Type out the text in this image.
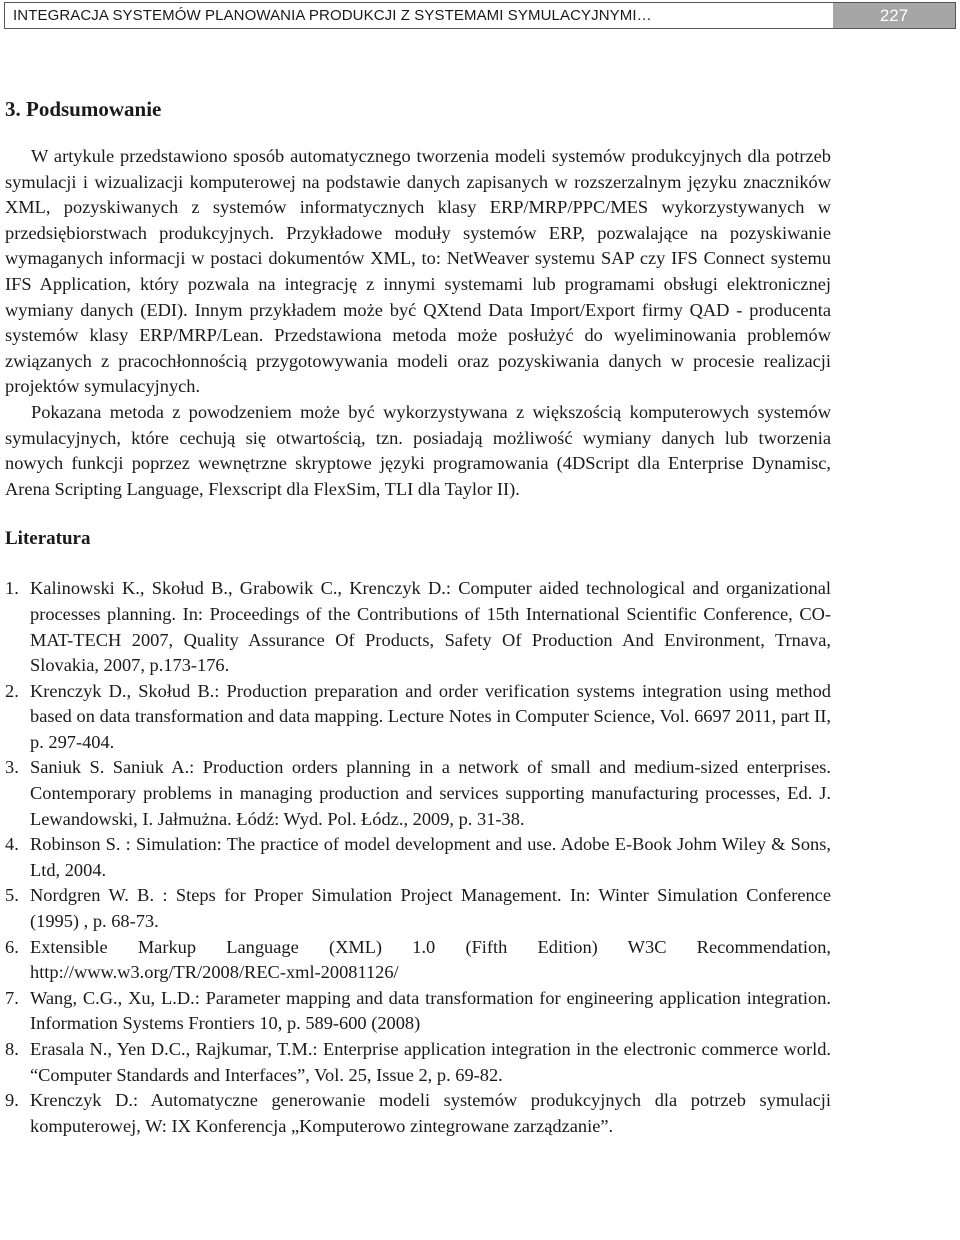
INTEGRACJA SYSTEMÓW PLANOWANIA PRODUKCJI Z SYSTEMAMI SYMULACYJNYMI…	227
3. Podsumowanie

W artykule przedstawiono sposób automatycznego tworzenia modeli systemów produkcyjnych dla potrzeb symulacji i wizualizacji komputerowej na podstawie danych zapisanych w rozszerzalnym języku znaczników XML, pozyskiwanych z systemów informatycznych klasy ERP/MRP/PPC/MES wykorzystywanych w przedsiębiorstwach produkcyjnych. Przykładowe moduły systemów ERP, pozwalające na pozyskiwanie wymaganych informacji w postaci dokumentów XML, to: NetWeaver systemu SAP czy IFS Connect systemu IFS Application, który pozwala na integrację z innymi systemami lub programami obsługi elektronicznej wymiany danych (EDI). Innym przykładem może być QXtend Data Import/Export firmy QAD - producenta systemów klasy ERP/MRP/Lean. Przedstawiona metoda może posłużyć do wyeliminowania problemów związanych z pracochłonnością przygotowywania modeli oraz pozyskiwania danych w procesie realizacji projektów symulacyjnych.

Pokazana metoda z powodzeniem może być wykorzystywana z większością komputerowych systemów symulacyjnych, które cechują się otwartością, tzn. posiadają możliwość wymiany danych lub tworzenia nowych funkcji poprzez wewnętrzne skryptowe języki programowania (4DScript dla Enterprise Dynamisc, Arena Scripting Language, Flexscript dla FlexSim, TLI dla Taylor II).

Literatura
1. Kalinowski K., Skołud B., Grabowik C., Krenczyk D.: Computer aided technological and organizational processes planning. In: Proceedings of the Contributions of 15th International Scientific Conference, CO-MAT-TECH 2007, Quality Assurance Of Products, Safety Of Production And Environment, Trnava, Slovakia, 2007, p.173-176.
2. Krenczyk D., Skołud B.: Production preparation and order verification systems integration using method based on data transformation and data mapping. Lecture Notes in Computer Science, Vol. 6697 2011, part II, p. 297-404.
3. Saniuk S. Saniuk A.: Production orders planning in a network of small and medium-sized enterprises. Contemporary problems in managing production and services supporting manufacturing processes, Ed. J. Lewandowski, I. Jałmużna. Łódź: Wyd. Pol. Łódz., 2009, p. 31-38.
4. Robinson S. : Simulation: The practice of model development and use. Adobe E-Book Johm Wiley & Sons, Ltd, 2004.
5. Nordgren W. B. : Steps for Proper Simulation Project Management. In: Winter Simulation Conference (1995) , p. 68-73.
6. Extensible Markup Language (XML) 1.0 (Fifth Edition) W3C Recommendation, http://www.w3.org/TR/2008/REC-xml-20081126/
7. Wang, C.G., Xu, L.D.: Parameter mapping and data transformation for engineering application integration. Information Systems Frontiers 10, p. 589-600 (2008)
8. Erasala N., Yen D.C., Rajkumar, T.M.: Enterprise application integration in the electronic commerce world. “Computer Standards and Interfaces”, Vol. 25, Issue 2, p. 69-82.
9. Krenczyk D.: Automatyczne generowanie modeli systemów produkcyjnych dla potrzeb symulacji komputerowej, W: IX Konferencja „Komputerowo zintegrowane zarządzanie”.
